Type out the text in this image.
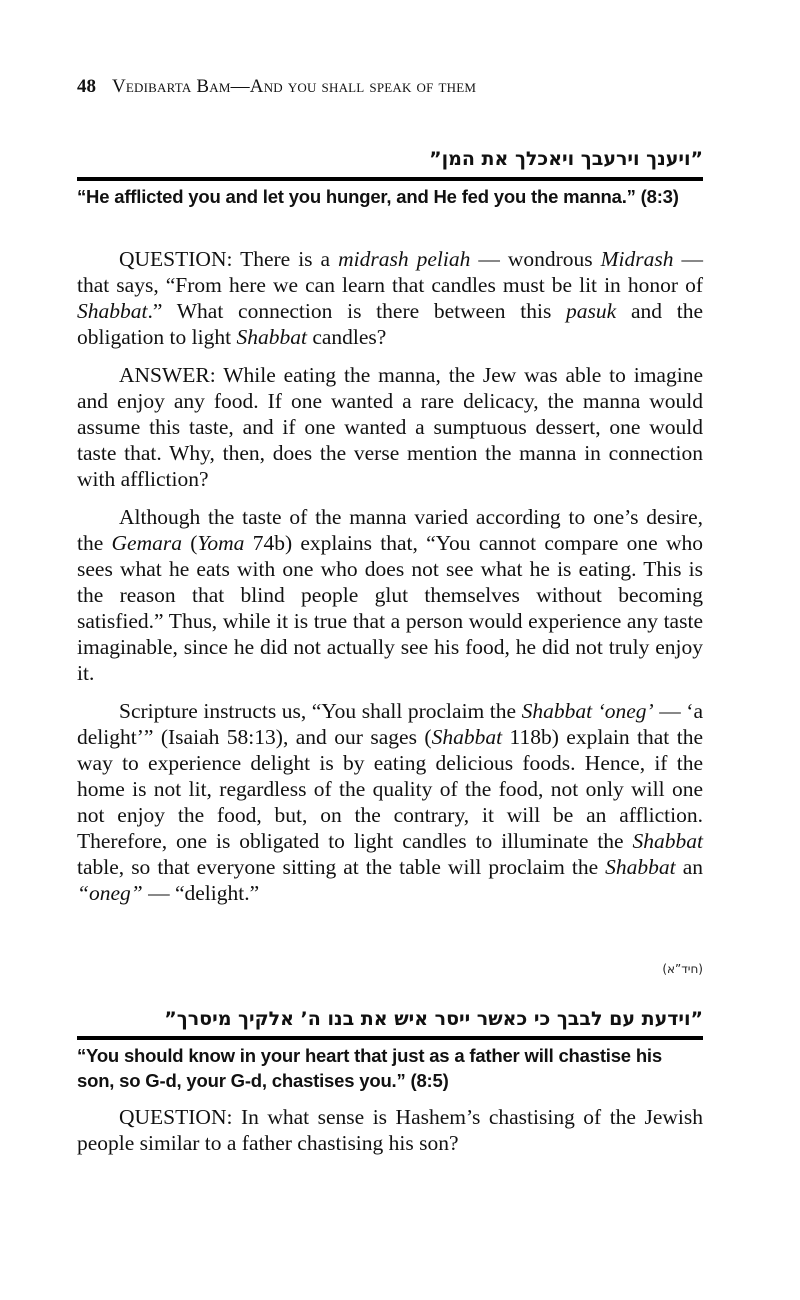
48 Vedibarta Bam—And you shall speak of them
”ויענך וירעבך ויאכלך את המן”
“He afflicted you and let you hunger, and He fed you the manna.” (8:3)

QUESTION: There is a midrash peliah — wondrous Midrash — that says, “From here we can learn that candles must be lit in honor of Shabbat.” What connection is there between this pasuk and the obligation to light Shabbat candles?

ANSWER: While eating the manna, the Jew was able to imagine and enjoy any food. If one wanted a rare delicacy, the manna would assume this taste, and if one wanted a sumptuous dessert, one would taste that. Why, then, does the verse mention the manna in connection with affliction?

Although the taste of the manna varied according to one’s desire, the Gemara (Yoma 74b) explains that, “You cannot compare one who sees what he eats with one who does not see what he is eating. This is the reason that blind people glut themselves without becoming satisfied.” Thus, while it is true that a person would experience any taste imaginable, since he did not actually see his food, he did not truly enjoy it.

Scripture instructs us, “You shall proclaim the Shabbat ‘oneg’ — ‘a delight’” (Isaiah 58:13), and our sages (Shabbat 118b) explain that the way to experience delight is by eating delicious foods. Hence, if the home is not lit, regardless of the quality of the food, not only will one not enjoy the food, but, on the contrary, it will be an affliction. Therefore, one is obligated to light candles to illuminate the Shabbat table, so that everyone sitting at the table will proclaim the Shabbat an “oneg” — “delight.”

(חיד”א)
”וידעת עם לבבך כי כאשר ייסר איש את בנו ה’ אלקיך מיסרך”
“You should know in your heart that just as a father will chastise his son, so G-d, your G-d, chastises you.” (8:5)

QUESTION: In what sense is Hashem’s chastising of the Jewish people similar to a father chastising his son?
